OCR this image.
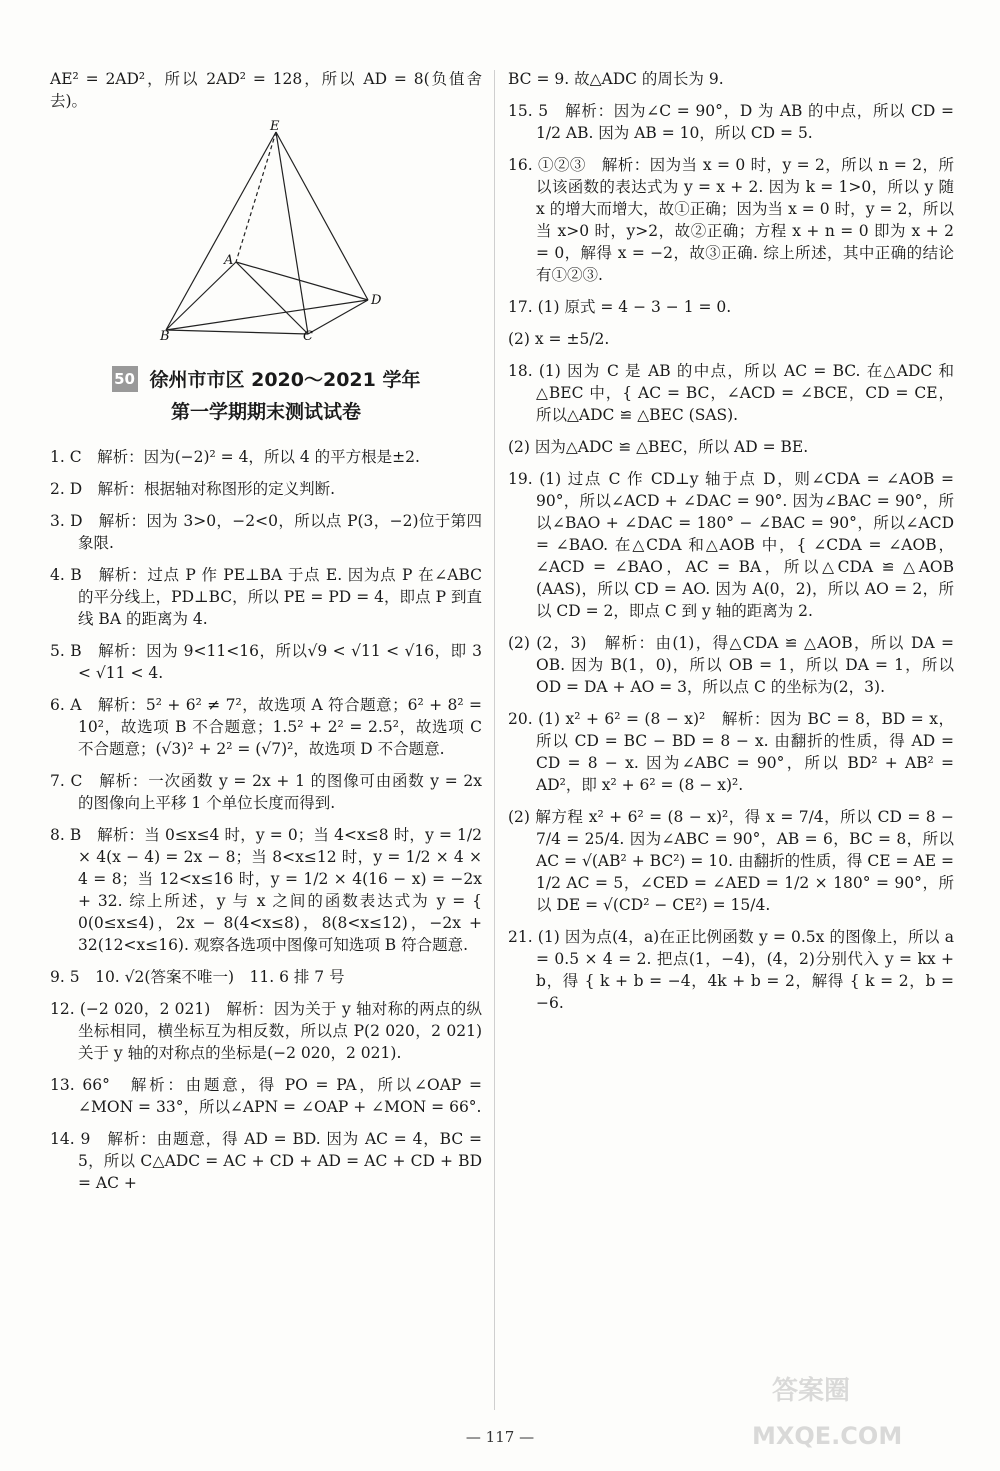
AE² = 2AD²，所以 2AD² = 128，所以 AD = 8(负值舍去)。

E
A
B	C
D
50 徐州市市区 2020～2021 学年
第一学期期末测试试卷

1. C　解析：因为(−2)² = 4，所以 4 的平方根是±2.

2. D　解析：根据轴对称图形的定义判断.

3. D　解析：因为 3>0，−2<0，所以点 P(3，−2)位于第四象限.

4. B　解析：过点 P 作 PE⊥BA 于点 E. 因为点 P 在∠ABC 的平分线上，PD⊥BC，所以 PE = PD = 4，即点 P 到直线 BA 的距离为 4.

5. B　解析：因为 9<11<16，所以√9 < √11 < √16，即 3 < √11 < 4.

6. A　解析：5² + 6² ≠ 7²，故选项 A 符合题意；6² + 8² = 10²，故选项 B 不合题意；1.5² + 2² = 2.5²，故选项 C 不合题意；(√3)² + 2² = (√7)²，故选项 D 不合题意.

7. C　解析：一次函数 y = 2x + 1 的图像可由函数 y = 2x 的图像向上平移 1 个单位长度而得到.

8. B　解析：当 0≤x≤4 时，y = 0；当 4<x≤8 时，y = 1/2 × 4(x − 4) = 2x − 8；当 8<x≤12 时，y = 1/2 × 4 × 4 = 8；当 12<x≤16 时，y = 1/2 × 4(16 − x) = −2x + 32. 综上所述，y 与 x 之间的函数表达式为 y = { 0(0≤x≤4)，2x − 8(4<x≤8)，8(8<x≤12)，−2x + 32(12<x≤16). 观察各选项中图像可知选项 B 符合题意.

9. 5　10. √2(答案不唯一)　11. 6 排 7 号

12. (−2 020，2 021)　解析：因为关于 y 轴对称的两点的纵坐标相同，横坐标互为相反数，所以点 P(2 020，2 021)关于 y 轴的对称点的坐标是(−2 020，2 021).

13. 66°　解析：由题意，得 PO = PA，所以∠OAP = ∠MON = 33°，所以∠APN = ∠OAP + ∠MON = 66°.

14. 9　解析：由题意，得 AD = BD. 因为 AC = 4，BC = 5，所以 C△ADC = AC + CD + AD = AC + CD + BD = AC +

BC = 9. 故△ADC 的周长为 9.

15. 5　解析：因为∠C = 90°，D 为 AB 的中点，所以 CD = 1/2 AB. 因为 AB = 10，所以 CD = 5.

16. ①②③　解析：因为当 x = 0 时，y = 2，所以 n = 2，所以该函数的表达式为 y = x + 2. 因为 k = 1>0，所以 y 随 x 的增大而增大，故①正确；因为当 x = 0 时，y = 2，所以当 x>0 时，y>2，故②正确；方程 x + n = 0 即为 x + 2 = 0，解得 x = −2，故③正确. 综上所述，其中正确的结论有①②③.

17. (1) 原式 = 4 − 3 − 1 = 0.

(2) x = ±5/2.

18. (1) 因为 C 是 AB 的中点，所以 AC = BC. 在△ADC 和△BEC 中，{ AC = BC，∠ACD = ∠BCE，CD = CE，所以△ADC ≌ △BEC (SAS).

(2) 因为△ADC ≌ △BEC，所以 AD = BE.

19. (1) 过点 C 作 CD⊥y 轴于点 D，则∠CDA = ∠AOB = 90°，所以∠ACD + ∠DAC = 90°. 因为∠BAC = 90°，所以∠BAO + ∠DAC = 180° − ∠BAC = 90°，所以∠ACD = ∠BAO. 在△CDA 和△AOB 中，{ ∠CDA = ∠AOB，∠ACD = ∠BAO，AC = BA，所以△CDA ≌ △AOB (AAS)，所以 CD = AO. 因为 A(0，2)，所以 AO = 2，所以 CD = 2，即点 C 到 y 轴的距离为 2.

(2) (2，3)　解析：由(1)，得△CDA ≌ △AOB，所以 DA = OB. 因为 B(1，0)，所以 OB = 1，所以 DA = 1，所以 OD = DA + AO = 3，所以点 C 的坐标为(2，3).

20. (1) x² + 6² = (8 − x)²　解析：因为 BC = 8，BD = x，所以 CD = BC − BD = 8 − x. 由翻折的性质，得 AD = CD = 8 − x. 因为∠ABC = 90°，所以 BD² + AB² = AD²，即 x² + 6² = (8 − x)².

(2) 解方程 x² + 6² = (8 − x)²，得 x = 7/4，所以 CD = 8 − 7/4 = 25/4. 因为∠ABC = 90°，AB = 6，BC = 8，所以 AC = √(AB² + BC²) = 10. 由翻折的性质，得 CE = AE = 1/2 AC = 5，∠CED = ∠AED = 1/2 × 180° = 90°，所以 DE = √(CD² − CE²) = 15/4.

21. (1) 因为点(4，a)在正比例函数 y = 0.5x 的图像上，所以 a = 0.5 × 4 = 2. 把点(1，−4)，(4，2)分别代入 y = kx + b，得 { k + b = −4，4k + b = 2，解得 { k = 2，b = −6.

— 117 —
答案圈
MXQE.COM
